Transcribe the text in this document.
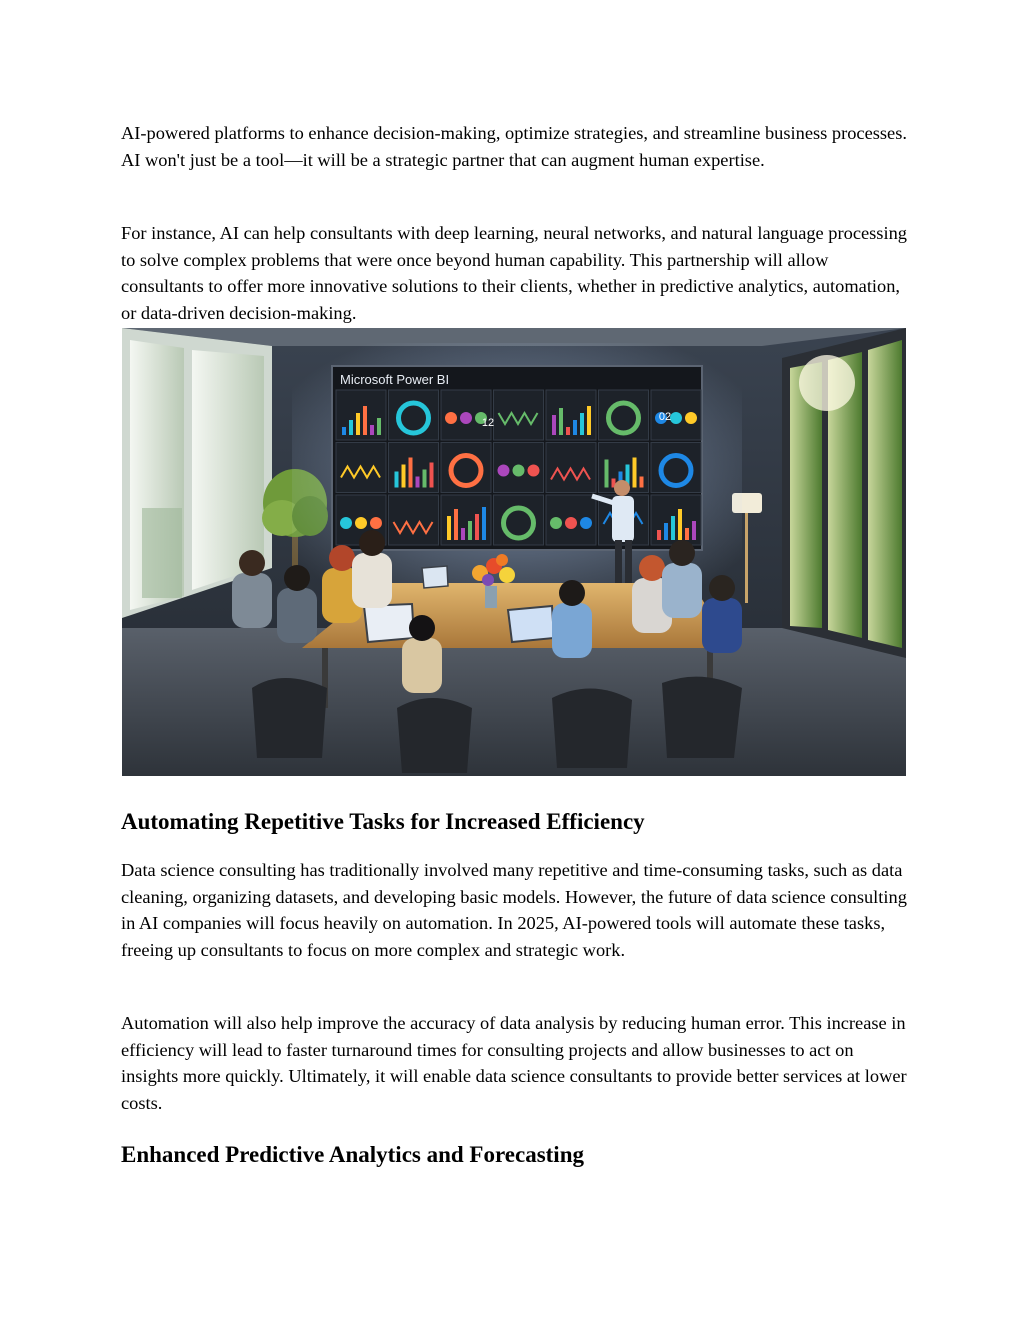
AI-powered platforms to enhance decision-making, optimize strategies, and streamline business processes. AI won't just be a tool—it will be a strategic partner that can augment human expertise.

For instance, AI can help consultants with deep learning, neural networks, and natural language processing to solve complex problems that were once beyond human capability. This partnership will allow consultants to offer more innovative solutions to their clients, whether in predictive analytics, automation, or data-driven decision-making.

Microsoft Power BI
12	02
Automating Repetitive Tasks for Increased Efficiency

Data science consulting has traditionally involved many repetitive and time-consuming tasks, such as data cleaning, organizing datasets, and developing basic models. However, the future of data science consulting in AI companies will focus heavily on automation. In 2025, AI-powered tools will automate these tasks, freeing up consultants to focus on more complex and strategic work.

Automation will also help improve the accuracy of data analysis by reducing human error. This increase in efficiency will lead to faster turnaround times for consulting projects and allow businesses to act on insights more quickly. Ultimately, it will enable data science consultants to provide better services at lower costs.

Enhanced Predictive Analytics and Forecasting
